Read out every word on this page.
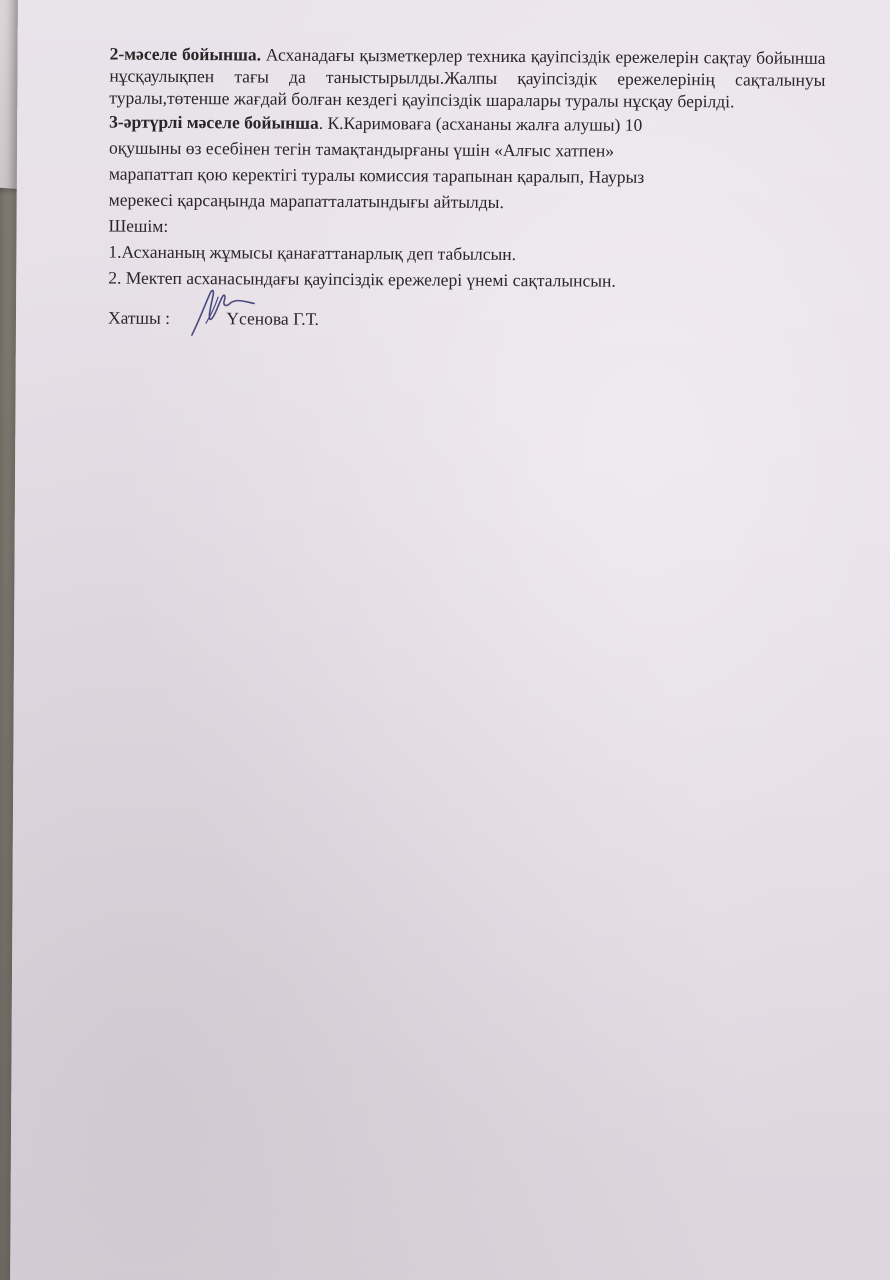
2-мәселе бойынша. Асханадағы қызметкерлер техника қауіпсіздік ережелерін сақтау бойынша нұсқаулықпен тағы да таныстырылды.Жалпы қауіпсіздік ережелерінің сақталынуы туралы,төтенше жағдай болған кездегі қауіпсіздік шаралары туралы нұсқау берілді.

3-әртүрлі мәселе бойынша. К.Каримоваға (асхананы жалға алушы) 10
оқушыны өз есебінен тегін тамақтандырғаны үшін «Алғыс хатпен»
марапаттап қою керектігі туралы комиссия тарапынан қаралып, Наурыз
мерекесі қарсаңында марапатталатындығы айтылды.
Шешім:
1.Асхананың жұмысы қанағаттанарлық деп табылсын.
2. Мектеп асханасындағы қауіпсіздік ережелері үнемі сақталынсын.
Хатшы :	Үсенова Г.Т.
